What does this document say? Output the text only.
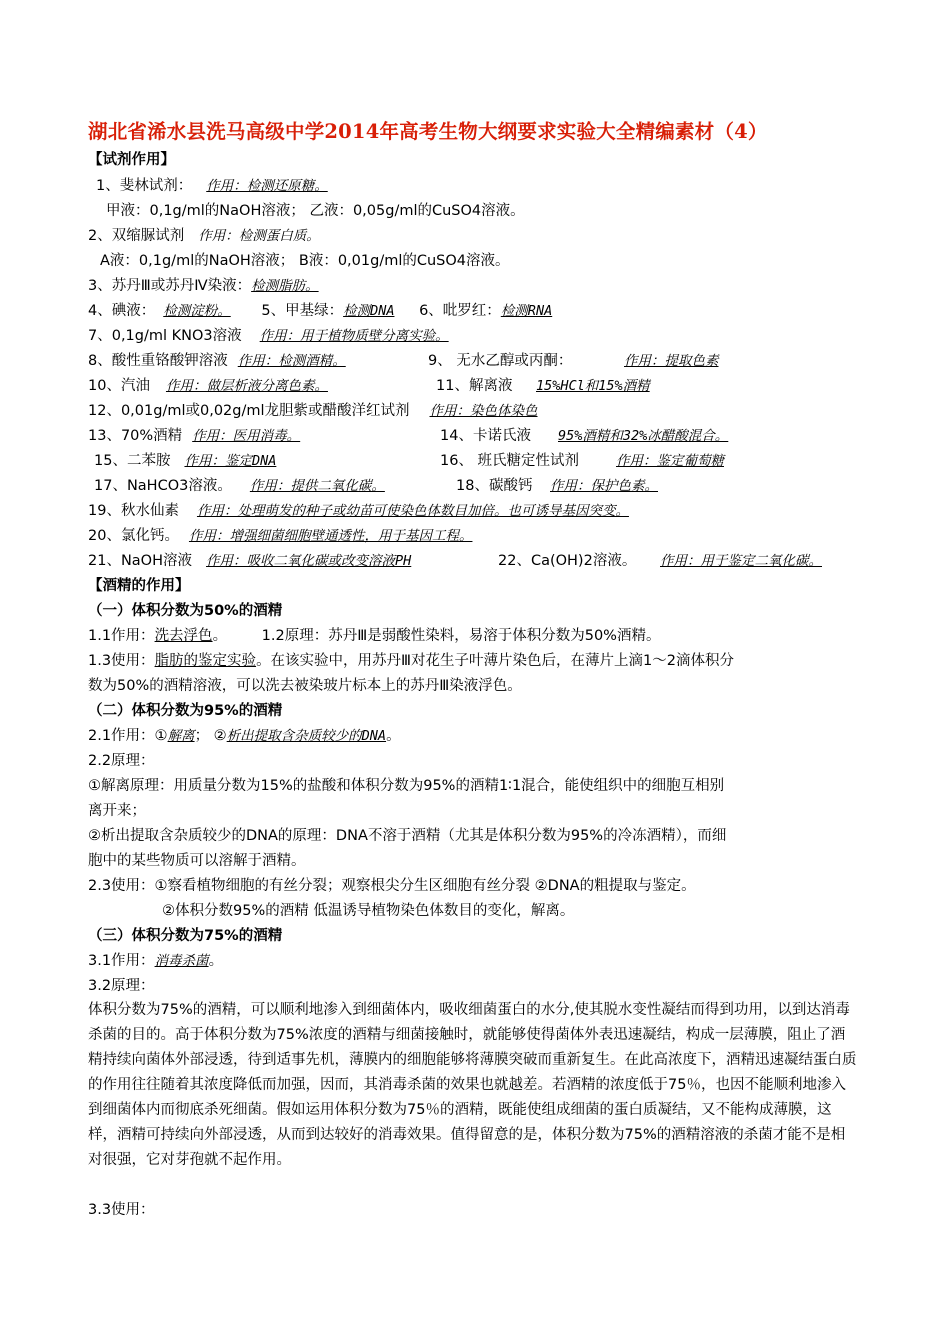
湖北省浠水县洗马高级中学2014年高考生物大纲要求实验大全精编素材（4）
【试剂作用】
1、斐林试剂： 作用：检测还原糖。
甲液：0,1g/ml的NaOH溶液； 乙液：0,05g/ml的CuSO4溶液。
2、双缩脲试剂 作用：检测蛋白质。
A液：0,1g/ml的NaOH溶液； B液：0,01g/ml的CuSO4溶液。
3、苏丹Ⅲ或苏丹Ⅳ染液：检测脂肪。
4、碘液： 检测淀粉。 5、甲基绿：检测DNA 6、吡罗红：检测RNA
7、0,1g/ml KNO3溶液 作用：用于植物质壁分离实验。
8、酸性重铬酸钾溶液 作用：检测酒精。	9、 无水乙醇或丙酮：	作用：提取色素
10、汽油 作用：做层析液分离色素。	11、解离液 15%HCl和15%酒精
12、0,01g/ml或0,02g/ml龙胆紫或醋酸洋红试剂 作用：染色体染色
13、70%酒精 作用：医用消毒。	14、卡诺氏液 95%酒精和32%冰醋酸混合。
15、二苯胺 作用：鉴定DNA	16、 班氏糖定性试剂	作用：鉴定葡萄糖
17、NaHCO3溶液。 作用：提供二氧化碳。	18、碳酸钙 作用：保护色素。
19、秋水仙素 作用：处理萌发的种子或幼苗可使染色体数目加倍。也可诱导基因突变。
20、氯化钙。 作用：增强细菌细胞壁通透性，用于基因工程。
21、NaOH溶液 作用：吸收二氧化碳或改变溶液PH	22、Ca(OH)2溶液。 作用：用于鉴定二氧化碳。
【酒精的作用】
（一）体积分数为50%的酒精
1.1作用：洗去浮色。 1.2原理：苏丹Ⅲ是弱酸性染料，易溶于体积分数为50%酒精。
1.3使用：脂肪的鉴定实验。在该实验中，用苏丹Ⅲ对花生子叶薄片染色后，在薄片上滴1～2滴体积分
数为50%的酒精溶液，可以洗去被染玻片标本上的苏丹Ⅲ染液浮色。
（二）体积分数为95%的酒精
2.1作用：①解离； ②析出提取含杂质较少的DNA。
2.2原理：
①解离原理：用质量分数为15%的盐酸和体积分数为95%的酒精1∶1混合，能使组织中的细胞互相别
离开来；
②析出提取含杂质较少的DNA的原理：DNA不溶于酒精（尤其是体积分数为95%的冷冻酒精），而细
胞中的某些物质可以溶解于酒精。
2.3使用：①察看植物细胞的有丝分裂；观察根尖分生区细胞有丝分裂 ②DNA的粗提取与鉴定。
②体积分数95%的酒精 低温诱导植物染色体数目的变化，解离。
（三）体积分数为75%的酒精
3.1作用：消毒杀菌。
3.2原理：
体积分数为75%的酒精，可以顺利地渗入到细菌体内，吸收细菌蛋白的水分,使其脱水变性凝结而得到功用，以到达消毒杀菌的目的。高于体积分数为75%浓度的酒精与细菌接触时，就能够使得菌体外表迅速凝结，构成一层薄膜，阻止了酒精持续向菌体外部浸透，待到适事先机，薄膜内的细胞能够将薄膜突破而重新复生。在此高浓度下，酒精迅速凝结蛋白质的作用往往随着其浓度降低而加强，因而，其消毒杀菌的效果也就越差。若酒精的浓度低于75％，也因不能顺利地渗入到细菌体内而彻底杀死细菌。假如运用体积分数为75％的酒精，既能使组成细菌的蛋白质凝结，又不能构成薄膜，这样，酒精可持续向外部浸透，从而到达较好的消毒效果。值得留意的是，体积分数为75%的酒精溶液的杀菌才能不是相对很强，它对芽孢就不起作用。
3.3使用：
